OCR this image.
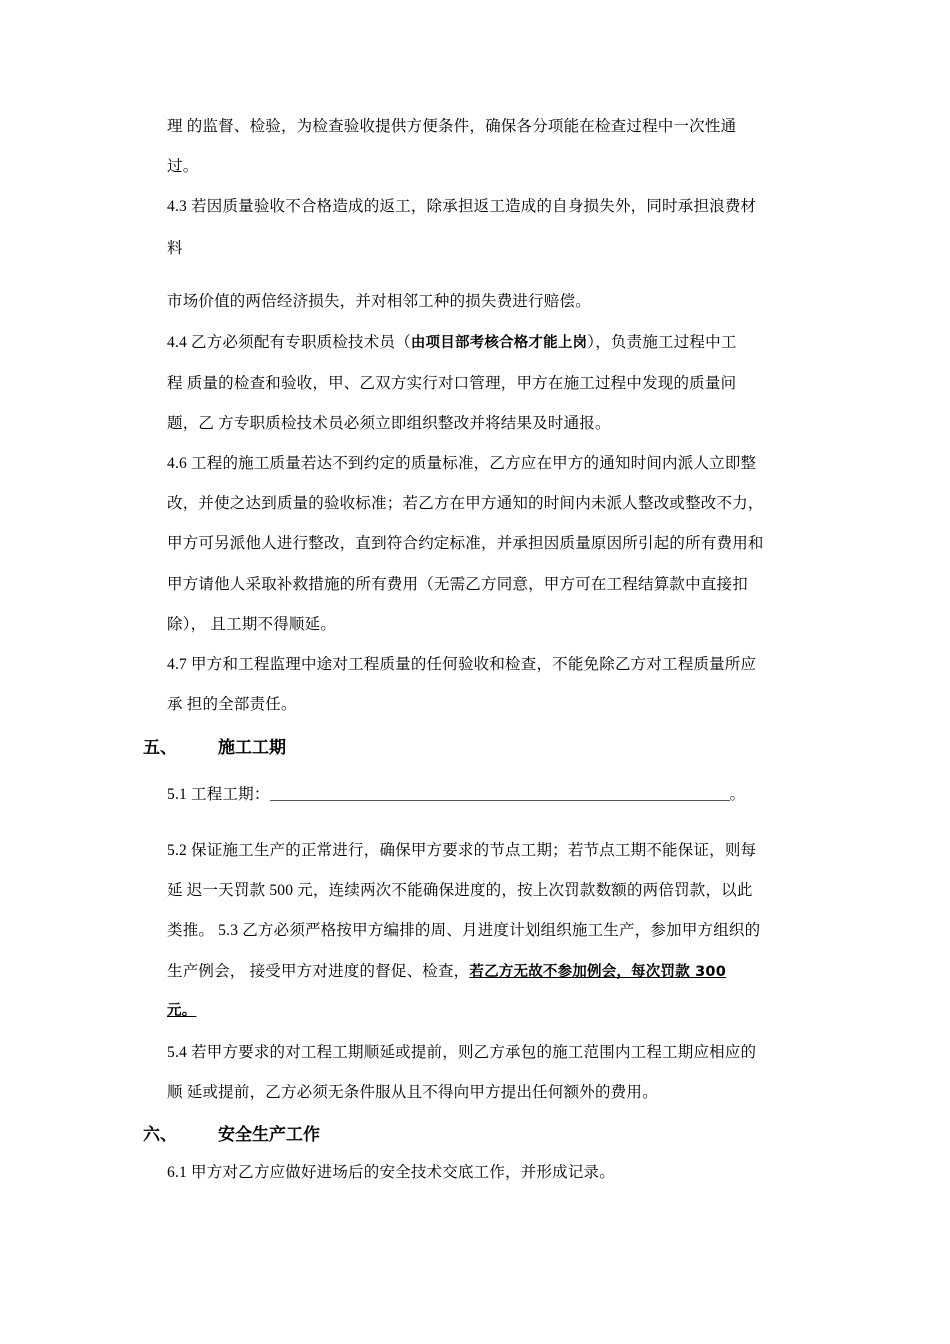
理 的监督、检验，为检查验收提供方便条件，确保各分项能在检查过程中一次性通
过。
4.3 若因质量验收不合格造成的返工，除承担返工造成的自身损失外，同时承担浪费材
料
市场价值的两倍经济损失，并对相邻工种的损失费进行赔偿。
4.4 乙方必须配有专职质检技术员（由项目部考核合格才能上岗），负责施工过程中工
程 质量的检查和验收，甲、乙双方实行对口管理，甲方在施工过程中发现的质量问
题，乙 方专职质检技术员必须立即组织整改并将结果及时通报。
4.6 工程的施工质量若达不到约定的质量标准，乙方应在甲方的通知时间内派人立即整
改，并使之达到质量的验收标准；若乙方在甲方通知的时间内未派人整改或整改不力，
甲方可另派他人进行整改，直到符合约定标准，并承担因质量原因所引起的所有费用和
甲方请他人采取补救措施的所有费用（无需乙方同意，甲方可在工程结算款中直接扣
除）， 且工期不得顺延。
4.7 甲方和工程监理中途对工程质量的任何验收和检查，不能免除乙方对工程质量所应
承 担的全部责任。
五、 施工工期
5.1 工程工期：	。
5.2 保证施工生产的正常进行，确保甲方要求的节点工期；若节点工期不能保证，则每
延 迟一天罚款 500 元，连续两次不能确保进度的，按上次罚款数额的两倍罚款，以此
类推。 5.3 乙方必须严格按甲方编排的周、月进度计划组织施工生产，参加甲方组织的
生产例会， 接受甲方对进度的督促、检查，若乙方无故不参加例会，每次罚款 300
元。
5.4 若甲方要求的对工程工期顺延或提前，则乙方承包的施工范围内工程工期应相应的
顺 延或提前，乙方必须无条件服从且不得向甲方提出任何额外的费用。
六、 安全生产工作
6.1 甲方对乙方应做好进场后的安全技术交底工作，并形成记录。
